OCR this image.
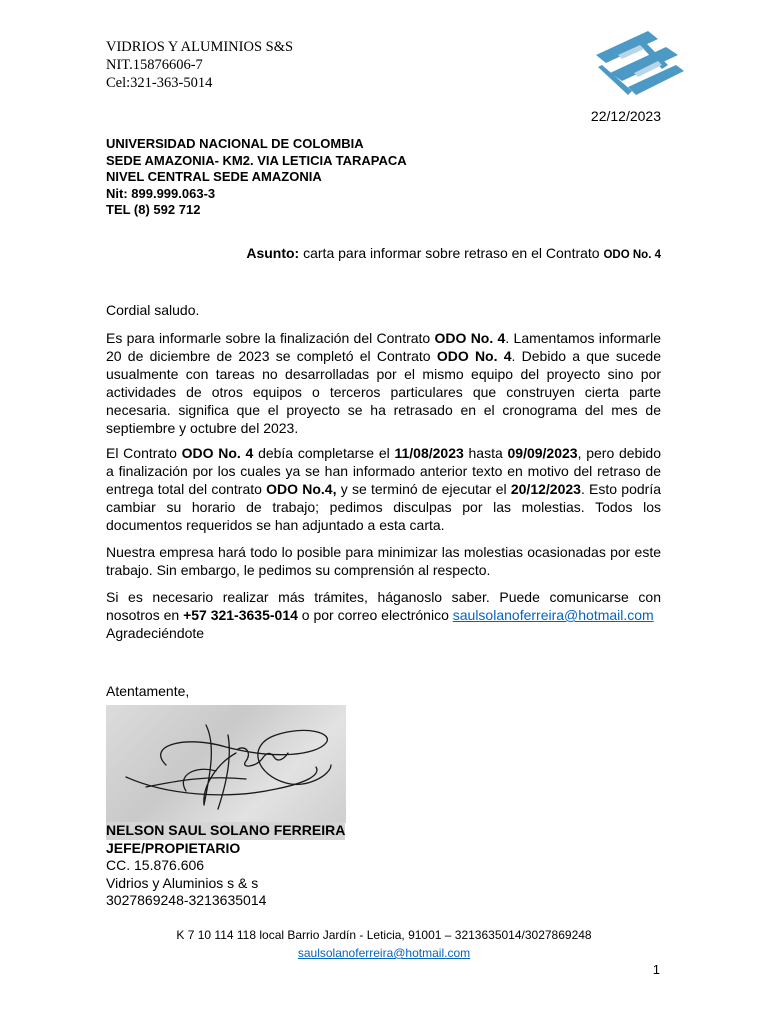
VIDRIOS Y ALUMINIOS S&S
NIT.15876606-7
Cel:321-363-5014
22/12/2023
UNIVERSIDAD NACIONAL DE COLOMBIA
SEDE AMAZONIA- KM2. VIA LETICIA TARAPACA
NIVEL CENTRAL SEDE AMAZONIA
Nit: 899.999.063-3
TEL (8) 592 712
Asunto: carta para informar sobre retraso en el Contrato ODO No. 4
Cordial saludo.

Es para informarle sobre la finalización del Contrato ODO No. 4. Lamentamos informarle 20 de diciembre de 2023 se completó el Contrato ODO No. 4. Debido a que sucede usualmente con tareas no desarrolladas por el mismo equipo del proyecto sino por actividades de otros equipos o terceros particulares que construyen cierta parte necesaria. significa que el proyecto se ha retrasado en el cronograma del mes de septiembre y octubre del 2023.

El Contrato ODO No. 4 debía completarse el 11/08/2023 hasta 09/09/2023, pero debido a finalización por los cuales ya se han informado anterior texto en motivo del retraso de entrega total del contrato ODO No.4, y se terminó de ejecutar el 20/12/2023. Esto podría cambiar su horario de trabajo; pedimos disculpas por las molestias. Todos los documentos requeridos se han adjuntado a esta carta.

Nuestra empresa hará todo lo posible para minimizar las molestias ocasionadas por este trabajo. Sin embargo, le pedimos su comprensión al respecto.

Si es necesario realizar más trámites, háganoslo saber. Puede comunicarse con nosotros en +57 321-3635-014 o por correo electrónico saulsolanoferreira@hotmail.com

Agradeciéndote

Atentamente,
NELSON SAUL SOLANO FERREIRA
JEFE/PROPIETARIO
CC. 15.876.606
Vidrios y Aluminios s & s
3027869248-3213635014
K 7 10 114 118 local Barrio Jardín - Leticia, 91001 – 3213635014/3027869248
saulsolanoferreira@hotmail.com
1
